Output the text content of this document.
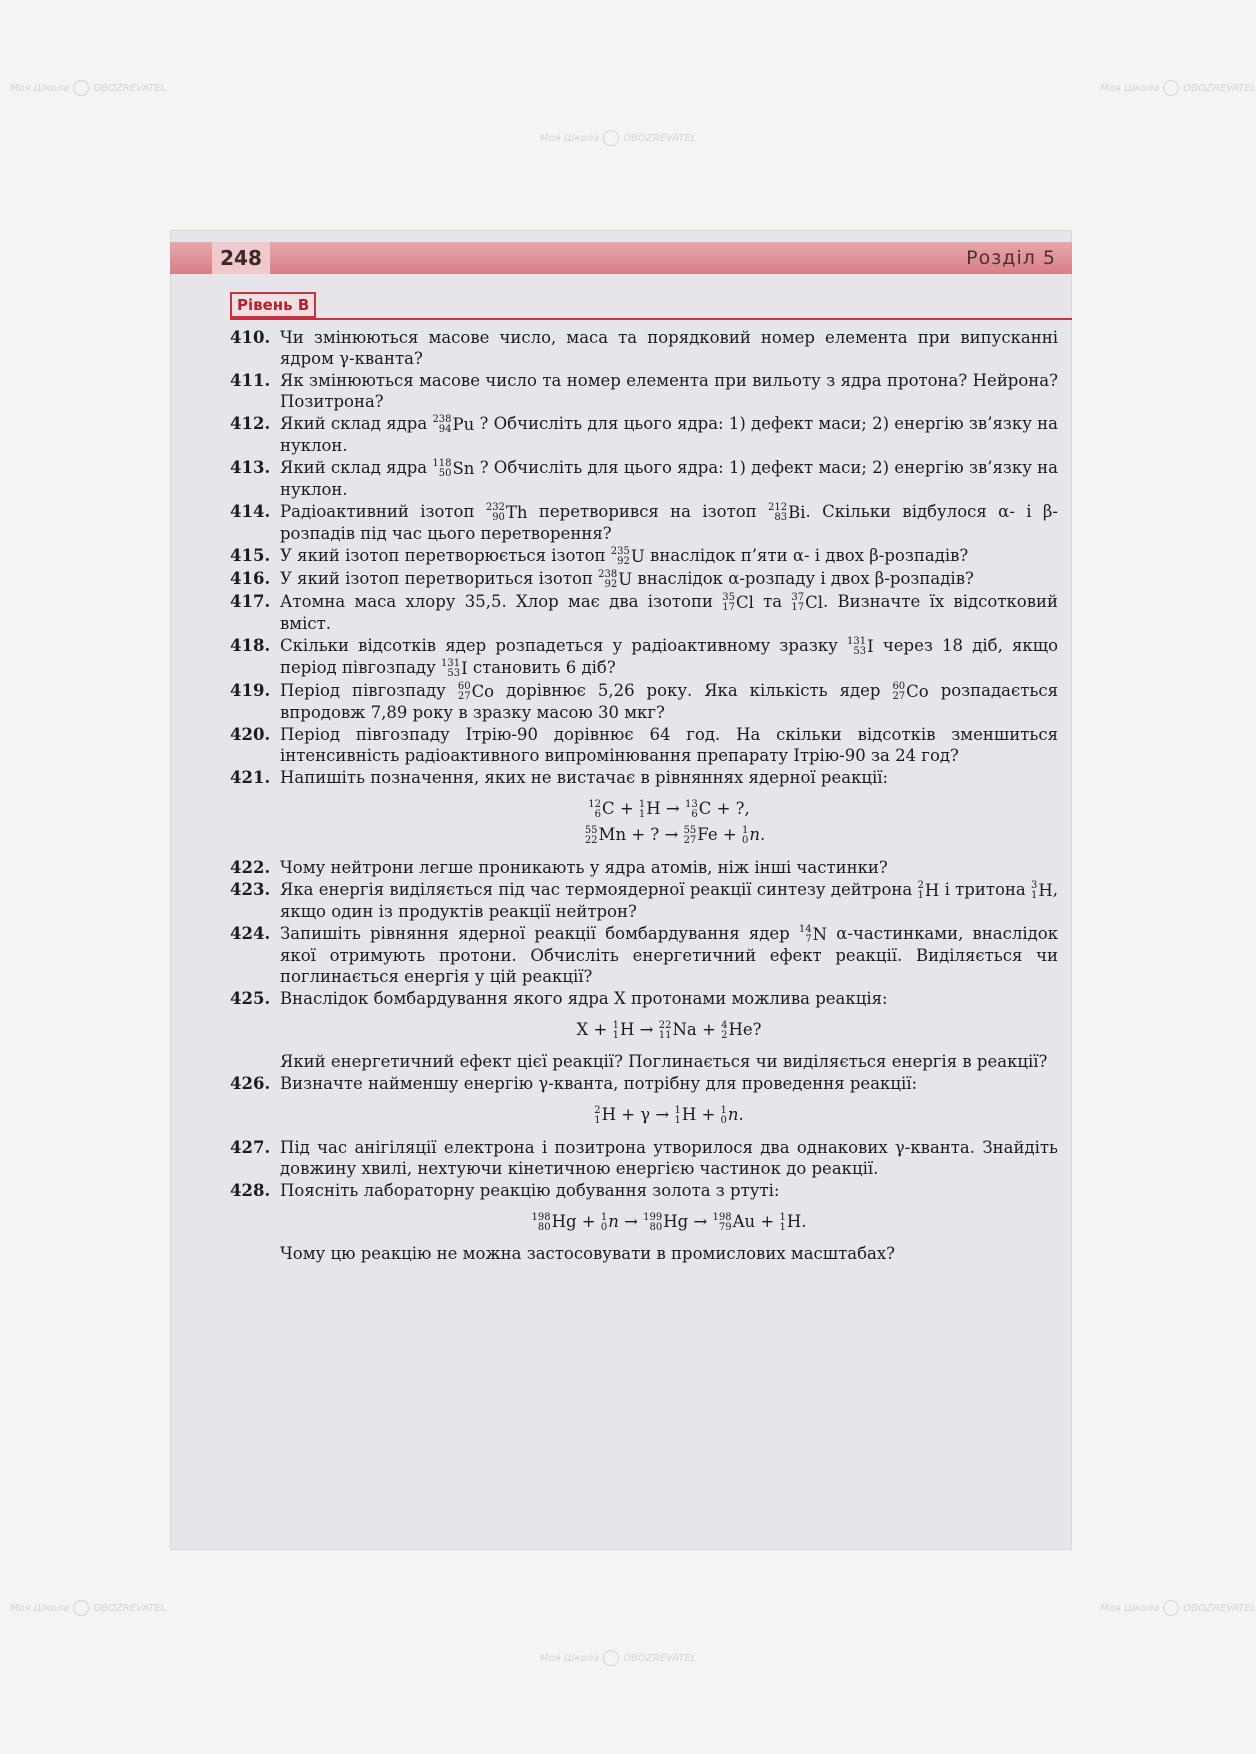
Моя Школа OBOZREVATEL	Моя Школа OBOZREVATEL
Моя Школа OBOZREVATEL
Моя Школа OBOZREVATEL
Моя Школа OBOZREVATEL
Моя Школа OBOZREVATEL
248	Розділ 5
Рівень В
410. Чи змінюються масове число, маса та порядковий номер елемента при випусканні ядром γ-кванта?
411. Як змінюються масове число та номер елемента при вильоту з ядра протона? Нейрона? Позитрона?
412. Який склад ядра 238
94 Pu ? Обчисліть для цього ядра: 1) дефект маси; 2) енергію зв’язку на нуклон.
413. Який склад ядра 118
50 Sn ? Обчисліть для цього ядра: 1) дефект маси; 2) енергію зв’язку на нуклон.
414. Радіоактивний ізотоп 232
90 Th перетворився на ізотоп 212
83 Bi . Скільки відбулося α- і β- розпадів під час цього перетворення?
415. У який ізотоп перетворюється ізотоп 235
92 U внаслідок п’яти α- і двох β-розпадів?
416. У який ізотоп перетвориться ізотоп 238
92 U внаслідок α-розпаду і двох β-розпадів?
417. Атомна маса хлору 35,5. Хлор має два ізотопи 35
17 Cl та 37
17 Cl . Визначте їх відсотковий вміст.
418. Скільки відсотків ядер розпадеться у радіоактивному зразку 131
53 I через 18 діб, якщо період півгозпаду 131
53 I становить 6 діб?
419. Період півгозпаду 60
27 Co дорівнює 5,26 року. Яка кількість ядер 60
27 Co розпадається впродовж 7,89 року в зразку масою 30 мкг?
420. Період півгозпаду Ітрію-90 дорівнює 64 год. На скільки відсотків зменшиться інтенсивність радіоактивного випромінювання препарату Ітрію-90 за 24 год?
421. Напишіть позначення, яких не вистачає в рівняннях ядерної реакції:

12
6 C + 1
1 H → 13
6 C + ?,
55
22 Mn + ? → 55
27 Fe + 1
0 n.
422. Чому нейтрони легше проникають у ядра атомів, ніж інші частинки?
423. Яка енергія виділяється під час термоядерної реакції синтезу дейтрона 2
1 H і тритона 3
1 H , якщо один із продуктів реакції нейтрон?
424. Запишіть рівняння ядерної реакції бомбардування ядер 14
7 N α-частинками, внаслідок якої отримують протони. Обчисліть енергетичний ефект реакції. Виділяється чи поглинається енергія у цій реакції?
425. Внаслідок бомбардування якого ядра X протонами можлива реакція:

X + 1
1 H → 22
11 Na + 4
2 He?

Який енергетичний ефект цієї реакції? Поглинається чи виділяється енергія в реакції?

426. Визначте найменшу енергію γ-кванта, потрібну для проведення реакції:

2
1 H + γ → 1
1 H + 1
0 n.
427. Під час анігіляції електрона і позитрона утворилося два однакових γ-кванта. Знайдіть довжину хвилі, нехтуючи кінетичною енергією частинок до реакції.
428. Поясніть лабораторну реакцію добування золота з ртуті:

198
80 Hg + 1
0 n → 199
80 Hg → 198
79 Au + 1
1 H.

Чому цю реакцію не можна застосовувати в промислових масштабах?
